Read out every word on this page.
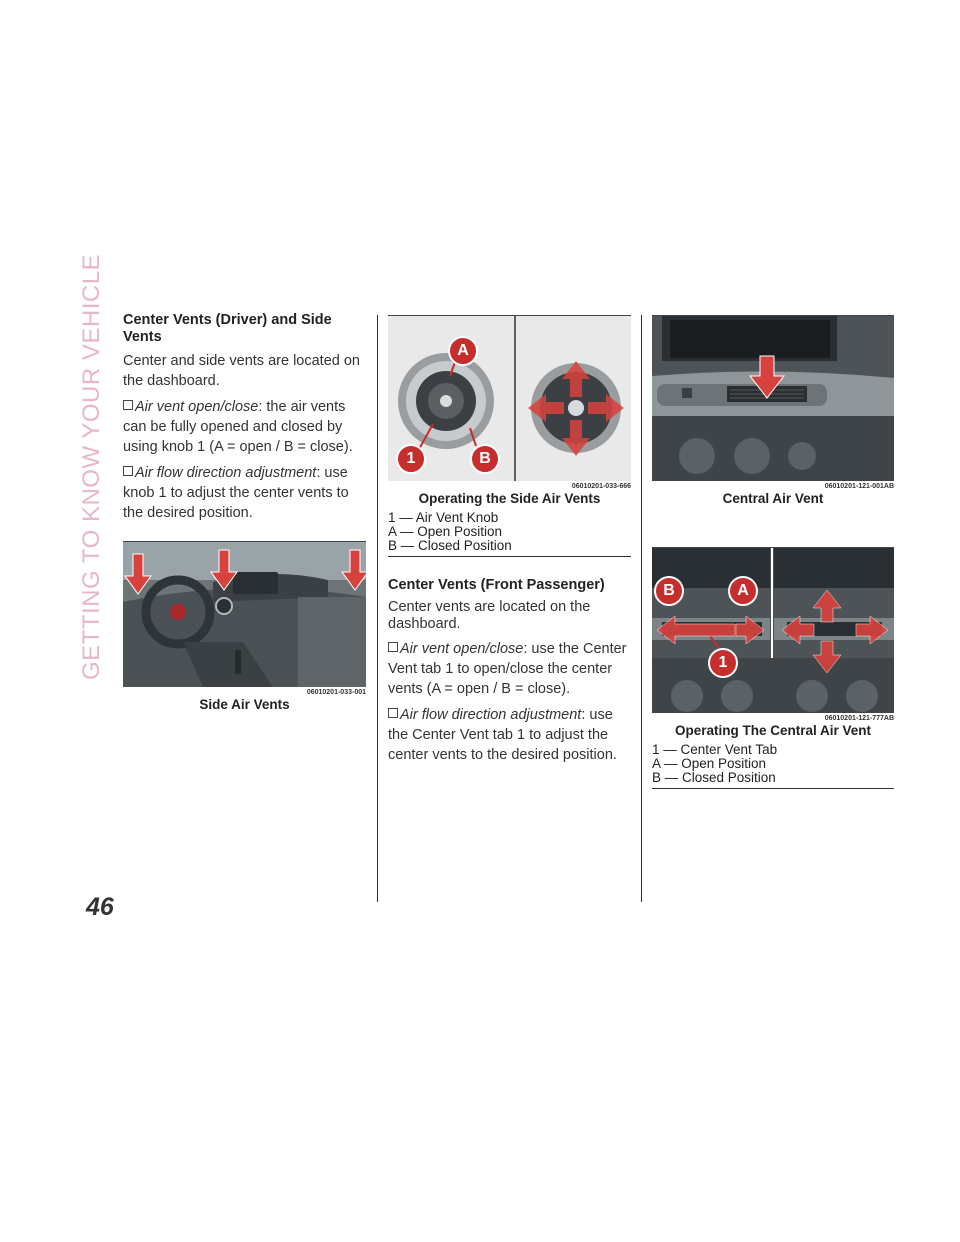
GETTING TO KNOW YOUR VEHICLE
46
Center Vents (Driver) and Side Vents

Center and side vents are located on the dashboard.

Air vent open/close: the air vents can be fully opened and closed by using knob 1 (A = open / B = close).

Air flow direction adjustment: use knob 1 to adjust the center vents to the desired position.

06010201-033-001
Side Air Vents
A
1	B
06010201-033-666
Operating the Side Air Vents
1 — Air Vent Knob
A — Open Position
B — Closed Position
Center Vents (Front Passenger)

Center vents are located on the dashboard.

Air vent open/close: use the Center Vent tab 1 to open/close the center vents (A = open / B = close).

Air flow direction adjustment: use the Center Vent tab 1 to adjust the center vents to the desired position.

06010201-121-001AB
Central Air Vent
B	A
1
06010201-121-777AB
Operating The Central Air Vent
1 — Center Vent Tab
A — Open Position
B — Closed Position
